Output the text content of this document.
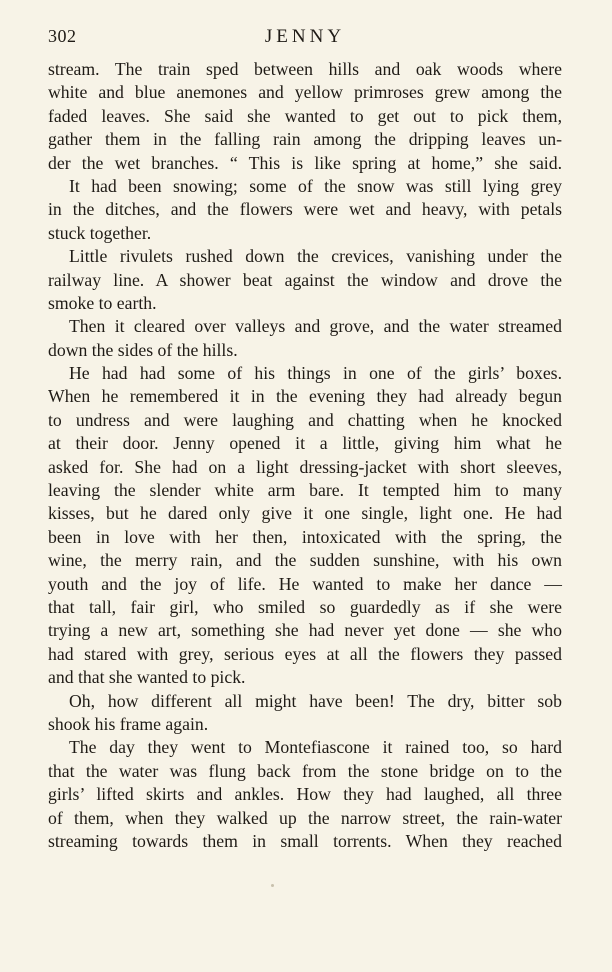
302	JENNY
stream. The train sped between hills and oak woods where
white and blue anemones and yellow primroses grew among the
faded leaves. She said she wanted to get out to pick them,
gather them in the falling rain among the dripping leaves un-
der the wet branches. “ This is like spring at home,” she said.
It had been snowing; some of the snow was still lying grey
in the ditches, and the flowers were wet and heavy, with petals
stuck together.
Little rivulets rushed down the crevices, vanishing under the
railway line. A shower beat against the window and drove the
smoke to earth.
Then it cleared over valleys and grove, and the water streamed
down the sides of the hills.
He had had some of his things in one of the girls’ boxes.
When he remembered it in the evening they had already begun
to undress and were laughing and chatting when he knocked
at their door. Jenny opened it a little, giving him what he
asked for. She had on a light dressing-jacket with short sleeves,
leaving the slender white arm bare. It tempted him to many
kisses, but he dared only give it one single, light one. He had
been in love with her then, intoxicated with the spring, the
wine, the merry rain, and the sudden sunshine, with his own
youth and the joy of life. He wanted to make her dance —
that tall, fair girl, who smiled so guardedly as if she were
trying a new art, something she had never yet done — she who
had stared with grey, serious eyes at all the flowers they passed
and that she wanted to pick.
Oh, how different all might have been! The dry, bitter sob
shook his frame again.
The day they went to Montefiascone it rained too, so hard
that the water was flung back from the stone bridge on to the
girls’ lifted skirts and ankles. How they had laughed, all three
of them, when they walked up the narrow street, the rain-water
streaming towards them in small torrents. When they reached
